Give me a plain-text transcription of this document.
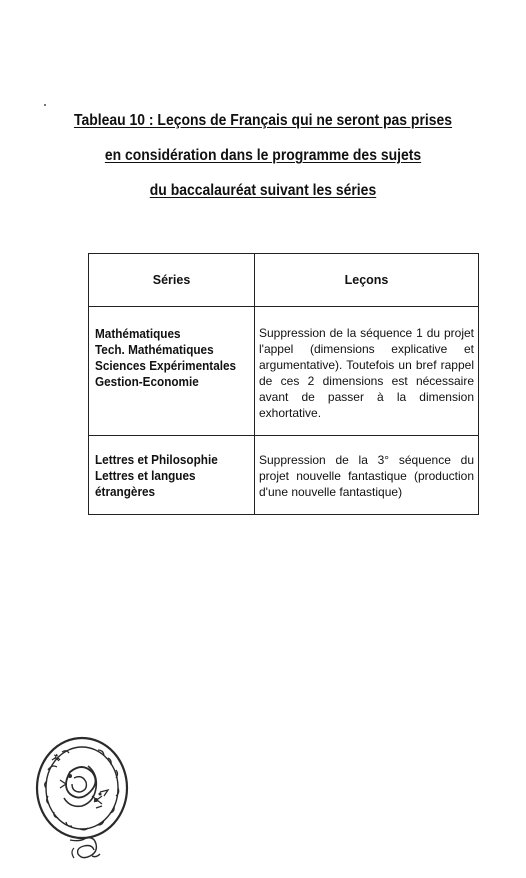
Tableau 10 : Leçons de Français qui ne seront pas prises
en considération dans le programme des sujets
du baccalauréat suivant les séries
Séries	Leçons

Mathématiques
Tech. Mathématiques
Sciences Expérimentales
Gestion-Economie	Suppression de la séquence 1 du projet l'appel (dimensions explicative et argumentative). Toutefois un bref rappel de ces 2 dimensions est nécessaire avant de passer à la dimension exhortative.

Lettres et Philosophie
Lettres et langues
étrangères	Suppression de la 3° séquence du projet nouvelle fantastique (production d'une nouvelle fantastique)
